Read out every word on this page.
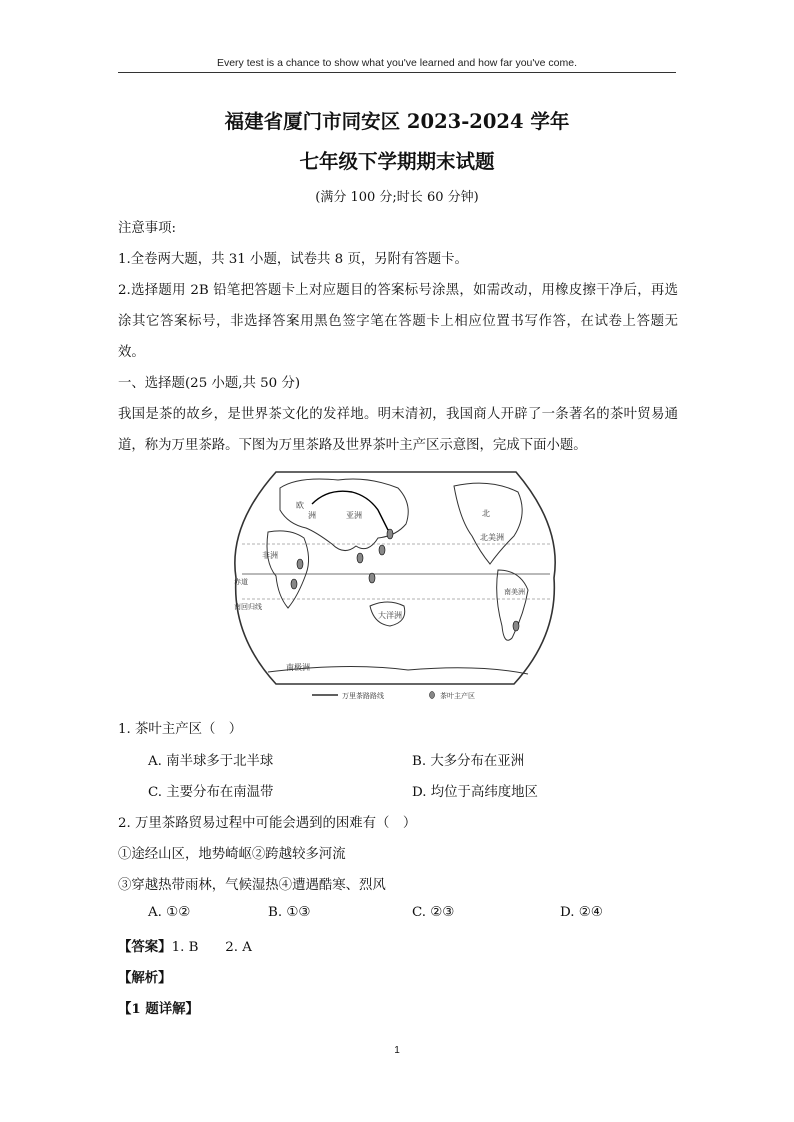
Every test is a chance to show what you've learned and how far you've come.
福建省厦门市同安区 2023-2024 学年
七年级下学期期末试题
(满分 100 分;时长 60 分钟)
注意事项:
1.全卷两大题，共 31 小题，试卷共 8 页，另附有答题卡。
2.选择题用 2B 铅笔把答题卡上对应题目的答案标号涂黑，如需改动，用橡皮擦干净后，再选涂其它答案标号，非选择答案用黑色签字笔在答题卡上相应位置书写作答，在试卷上答题无效。
一、选择题(25 小题,共 50 分)
我国是茶的故乡，是世界茶文化的发祥地。明末清初，我国商人开辟了一条著名的茶叶贸易通道，称为万里茶路。下图为万里茶路及世界茶叶主产区示意图，完成下面小题。
欧
洲	亚洲
非洲
北美洲
北
南美洲
大洋洲
南极洲
赤道
南回归线
万里茶路路线	茶叶主产区
1. 茶叶主产区（　）
A. 南半球多于北半球	B. 大多分布在亚洲
C. 主要分布在南温带	D. 均位于高纬度地区
2. 万里茶路贸易过程中可能会遇到的困难有（　）
①途经山区，地势崎岖②跨越较多河流
③穿越热带雨林，气候湿热④遭遇酷寒、烈风
A. ①②	B. ①③	C. ②③	D. ②④
【答案】1. B　　2. A
【解析】
【1 题详解】
1
